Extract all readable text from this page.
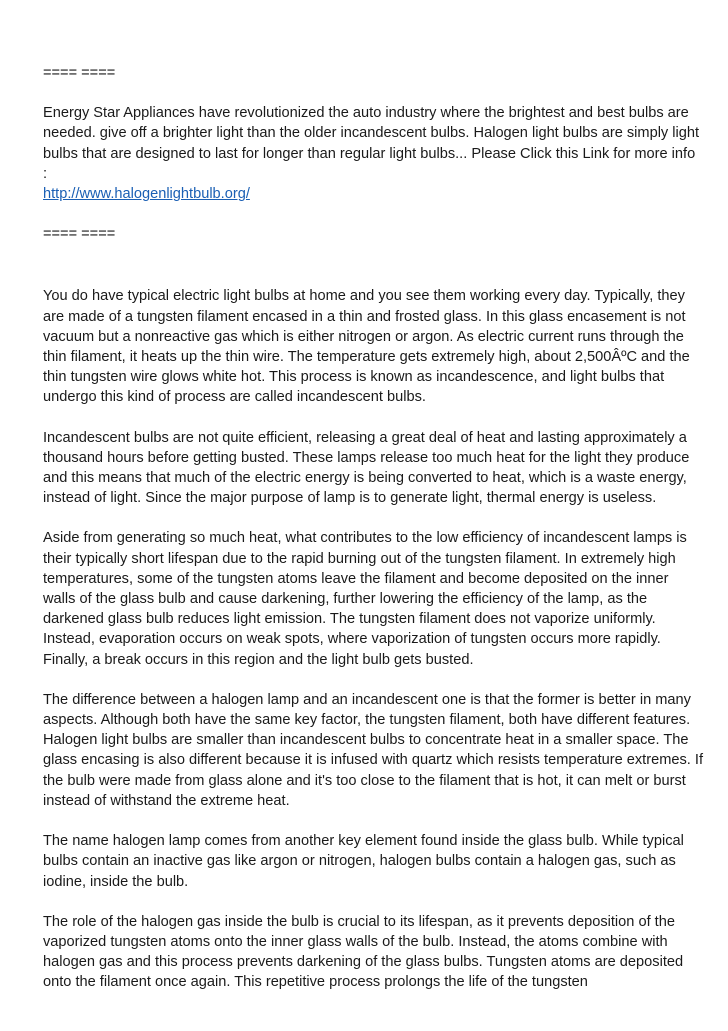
==== ====

Energy Star Appliances have revolutionized the auto industry where the brightest and best bulbs are needed. give off a brighter light than the older incandescent bulbs. Halogen light bulbs are simply light bulbs that are designed to last for longer than regular light bulbs... Please Click this Link for more info :
http://www.halogenlightbulb.org/

==== ====

You do have typical electric light bulbs at home and you see them working every day. Typically, they are made of a tungsten filament encased in a thin and frosted glass. In this glass encasement is not vacuum but a nonreactive gas which is either nitrogen or argon. As electric current runs through the thin filament, it heats up the thin wire. The temperature gets extremely high, about 2,500ÂºC and the thin tungsten wire glows white hot. This process is known as incandescence, and light bulbs that undergo this kind of process are called incandescent bulbs.

Incandescent bulbs are not quite efficient, releasing a great deal of heat and lasting approximately a thousand hours before getting busted. These lamps release too much heat for the light they produce and this means that much of the electric energy is being converted to heat, which is a waste energy, instead of light. Since the major purpose of lamp is to generate light, thermal energy is useless.

Aside from generating so much heat, what contributes to the low efficiency of incandescent lamps is their typically short lifespan due to the rapid burning out of the tungsten filament. In extremely high temperatures, some of the tungsten atoms leave the filament and become deposited on the inner walls of the glass bulb and cause darkening, further lowering the efficiency of the lamp, as the darkened glass bulb reduces light emission. The tungsten filament does not vaporize uniformly. Instead, evaporation occurs on weak spots, where vaporization of tungsten occurs more rapidly. Finally, a break occurs in this region and the light bulb gets busted.

The difference between a halogen lamp and an incandescent one is that the former is better in many aspects. Although both have the same key factor, the tungsten filament, both have different features. Halogen light bulbs are smaller than incandescent bulbs to concentrate heat in a smaller space. The glass encasing is also different because it is infused with quartz which resists temperature extremes. If the bulb were made from glass alone and it's too close to the filament that is hot, it can melt or burst instead of withstand the extreme heat.

The name halogen lamp comes from another key element found inside the glass bulb. While typical bulbs contain an inactive gas like argon or nitrogen, halogen bulbs contain a halogen gas, such as iodine, inside the bulb.

The role of the halogen gas inside the bulb is crucial to its lifespan, as it prevents deposition of the vaporized tungsten atoms onto the inner glass walls of the bulb. Instead, the atoms combine with halogen gas and this process prevents darkening of the glass bulbs. Tungsten atoms are deposited onto the filament once again. This repetitive process prolongs the life of the tungsten
